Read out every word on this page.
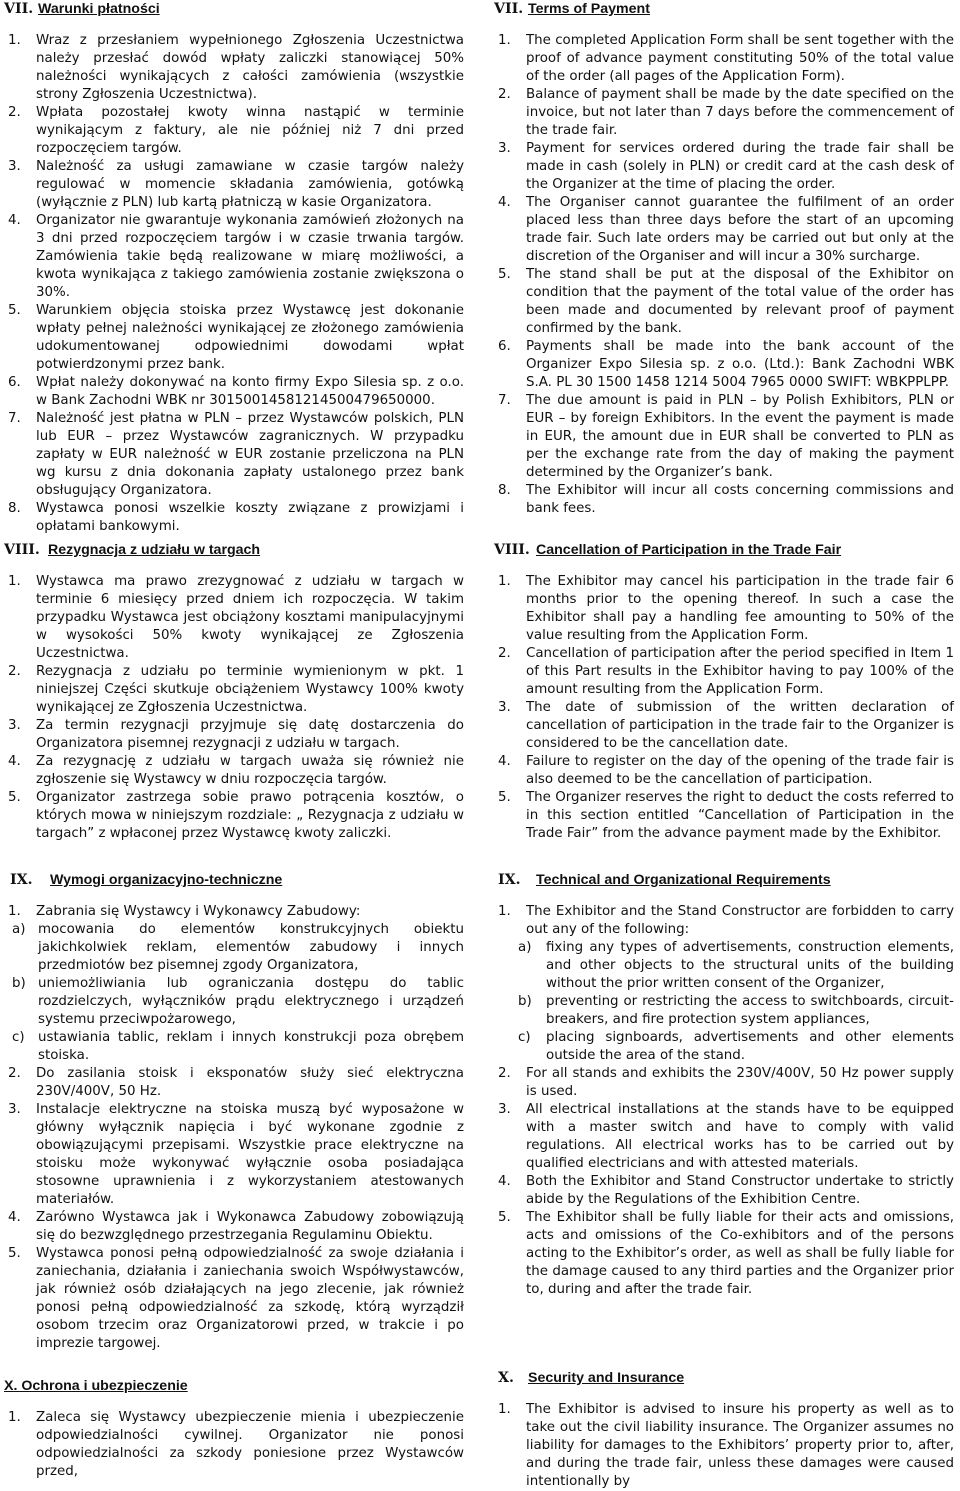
VII. Warunki płatności
1.	Wraz z przesłaniem wypełnionego Zgłoszenia Uczestnictwa należy przesłać dowód wpłaty zaliczki stanowiącej 50% należności wynikających z całości zamówienia (wszystkie strony Zgłoszenia Uczestnictwa).
2.	Wpłata pozostałej kwoty winna nastąpić w terminie wynikającym z faktury, ale nie później niż 7 dni przed rozpoczęciem targów.
3.	Należność za usługi zamawiane w czasie targów należy regulować w momencie składania zamówienia, gotówką (wyłącznie z PLN) lub kartą płatniczą w kasie Organizatora.
4.	Organizator nie gwarantuje wykonania zamówień złożonych na 3 dni przed rozpoczęciem targów i w czasie trwania targów. Zamówienia takie będą realizowane w miarę możliwości, a kwota wynikająca z takiego zamówienia zostanie zwiększona o 30%.
5.	Warunkiem objęcia stoiska przez Wystawcę jest dokonanie wpłaty pełnej należności wynikającej ze złożonego zamówienia udokumentowanej odpowiednimi dowodami wpłat potwierdzonymi przez bank.
6.	Wpłat należy dokonywać na konto firmy Expo Silesia sp. z o.o. w Bank Zachodni WBK nr 30150014581214500479650000.
7.	Należność jest płatna w PLN – przez Wystawców polskich, PLN lub EUR – przez Wystawców zagranicznych. W przypadku zapłaty w EUR należność w EUR zostanie przeliczona na PLN wg kursu z dnia dokonania zapłaty ustalonego przez bank obsługujący Organizatora.
8.	Wystawca ponosi wszelkie koszty związane z prowizjami i opłatami bankowymi.
VII. Terms of Payment
1.	The completed Application Form shall be sent together with the proof of advance payment constituting 50% of the total value of the order (all pages of the Application Form).
2.	Balance of payment shall be made by the date specified on the invoice, but not later than 7 days before the commencement of the trade fair.
3.	Payment for services ordered during the trade fair shall be made in cash (solely in PLN) or credit card at the cash desk of the Organizer at the time of placing the order.
4.	The Organiser cannot guarantee the fulfilment of an order placed less than three days before the start of an upcoming trade fair. Such late orders may be carried out but only at the discretion of the Organiser and will incur a 30% surcharge.
5.	The stand shall be put at the disposal of the Exhibitor on condition that the payment of the total value of the order has been made and documented by relevant proof of payment confirmed by the bank.
6.	Payments shall be made into the bank account of the Organizer Expo Silesia sp. z o.o. (Ltd.): Bank Zachodni WBK S.A. PL 30 1500 1458 1214 5004 7965 0000 SWIFT: WBKPPLPP.
7.	The due amount is paid in PLN – by Polish Exhibitors, PLN or EUR – by foreign Exhibitors. In the event the payment is made in EUR, the amount due in EUR shall be converted to PLN as per the exchange rate from the day of making the payment determined by the Organizer’s bank.
8.	The Exhibitor will incur all costs concerning commissions and bank fees.
VIII. Rezygnacja z udziału w targach
1.	Wystawca ma prawo zrezygnować z udziału w targach w terminie 6 miesięcy przed dniem ich rozpoczęcia. W takim przypadku Wystawca jest obciążony kosztami manipulacyjnymi w wysokości 50% kwoty wynikającej ze Zgłoszenia Uczestnictwa.
2.	Rezygnacja z udziału po terminie wymienionym w pkt. 1 niniejszej Części skutkuje obciążeniem Wystawcy 100% kwoty wynikającej ze Zgłoszenia Uczestnictwa.
3.	Za termin rezygnacji przyjmuje się datę dostarczenia do Organizatora pisemnej rezygnacji z udziału w targach.
4.	Za rezygnację z udziału w targach uważa się również nie zgłoszenie się Wystawcy w dniu rozpoczęcia targów.
5.	Organizator zastrzega sobie prawo potrącenia kosztów, o których mowa w niniejszym rozdziale: „ Rezygnacja z udziału w targach” z wpłaconej przez Wystawcę kwoty zaliczki.
VIII. Cancellation of Participation in the Trade Fair
1.	The Exhibitor may cancel his participation in the trade fair 6 months prior to the opening thereof. In such a case the Exhibitor shall pay a handling fee amounting to 50% of the value resulting from the Application Form.
2.	Cancellation of participation after the period specified in Item 1 of this Part results in the Exhibitor having to pay 100% of the amount resulting from the Application Form.
3.	The date of submission of the written declaration of cancellation of participation in the trade fair to the Organizer is considered to be the cancellation date.
4.	Failure to register on the day of the opening of the trade fair is also deemed to be the cancellation of participation.
5.	The Organizer reserves the right to deduct the costs referred to in this section entitled “Cancellation of Participation in the Trade Fair” from the advance payment made by the Exhibitor.
IX. Wymogi organizacyjno-techniczne
1.	Zabrania się Wystawcy i Wykonawcy Zabudowy:
a) mocowania do elementów konstrukcyjnych obiektu jakichkolwiek reklam, elementów zabudowy i innych przedmiotów bez pisemnej zgody Organizatora,
b) uniemożliwiania lub ograniczania dostępu do tablic rozdzielczych, wyłączników prądu elektrycznego i urządzeń systemu przeciwpożarowego,
c) ustawiania tablic, reklam i innych konstrukcji poza obrębem stoiska.
2.	Do zasilania stoisk i eksponatów służy sieć elektryczna 230V/400V, 50 Hz.
3.	Instalacje elektryczne na stoiska muszą być wyposażone w główny wyłącznik napięcia i być wykonane zgodnie z obowiązującymi przepisami. Wszystkie prace elektryczne na stoisku może wykonywać wyłącznie osoba posiadająca stosowne uprawnienia i z wykorzystaniem atestowanych materiałów.
4.	Zarówno Wystawca jak i Wykonawca Zabudowy zobowiązują się do bezwzględnego przestrzegania Regulaminu Obiektu.
5.	Wystawca ponosi pełną odpowiedzialność za swoje działania i zaniechania, działania i zaniechania swoich Współwystawców, jak również osób działających na jego zlecenie, jak również ponosi pełną odpowiedzialność za szkodę, którą wyrządził osobom trzecim oraz Organizatorowi przed, w trakcie i po imprezie targowej.
IX. Technical and Organizational Requirements
1.	The Exhibitor and the Stand Constructor are forbidden to carry out any of the following:
a) fixing any types of advertisements, construction elements, and other objects to the structural units of the building without the prior written consent of the Organizer,
b) preventing or restricting the access to switchboards, circuit-breakers, and fire protection system appliances,
c) placing signboards, advertisements and other elements outside the area of the stand.
2.	For all stands and exhibits the 230V/400V, 50 Hz power supply is used.
3.	All electrical installations at the stands have to be equipped with a master switch and have to comply with valid regulations. All electrical works has to be carried out by qualified electricians and with attested materials.
4.	Both the Exhibitor and Stand Constructor undertake to strictly abide by the Regulations of the Exhibition Centre.
5.	The Exhibitor shall be fully liable for their acts and omissions, acts and omissions of the Co-exhibitors and of the persons acting to the Exhibitor’s order, as well as shall be fully liable for the damage caused to any third parties and the Organizer prior to, during and after the trade fair.
X. Ochrona i ubezpieczenie
1.	Zaleca się Wystawcy ubezpieczenie mienia i ubezpieczenie odpowiedzialności cywilnej. Organizator nie ponosi odpowiedzialności za szkody poniesione przez Wystawców przed,
X. Security and Insurance
1.	The Exhibitor is advised to insure his property as well as to take out the civil liability insurance. The Organizer assumes no liability for damages to the Exhibitors’ property prior to, after, and during the trade fair, unless these damages were caused intentionally by
